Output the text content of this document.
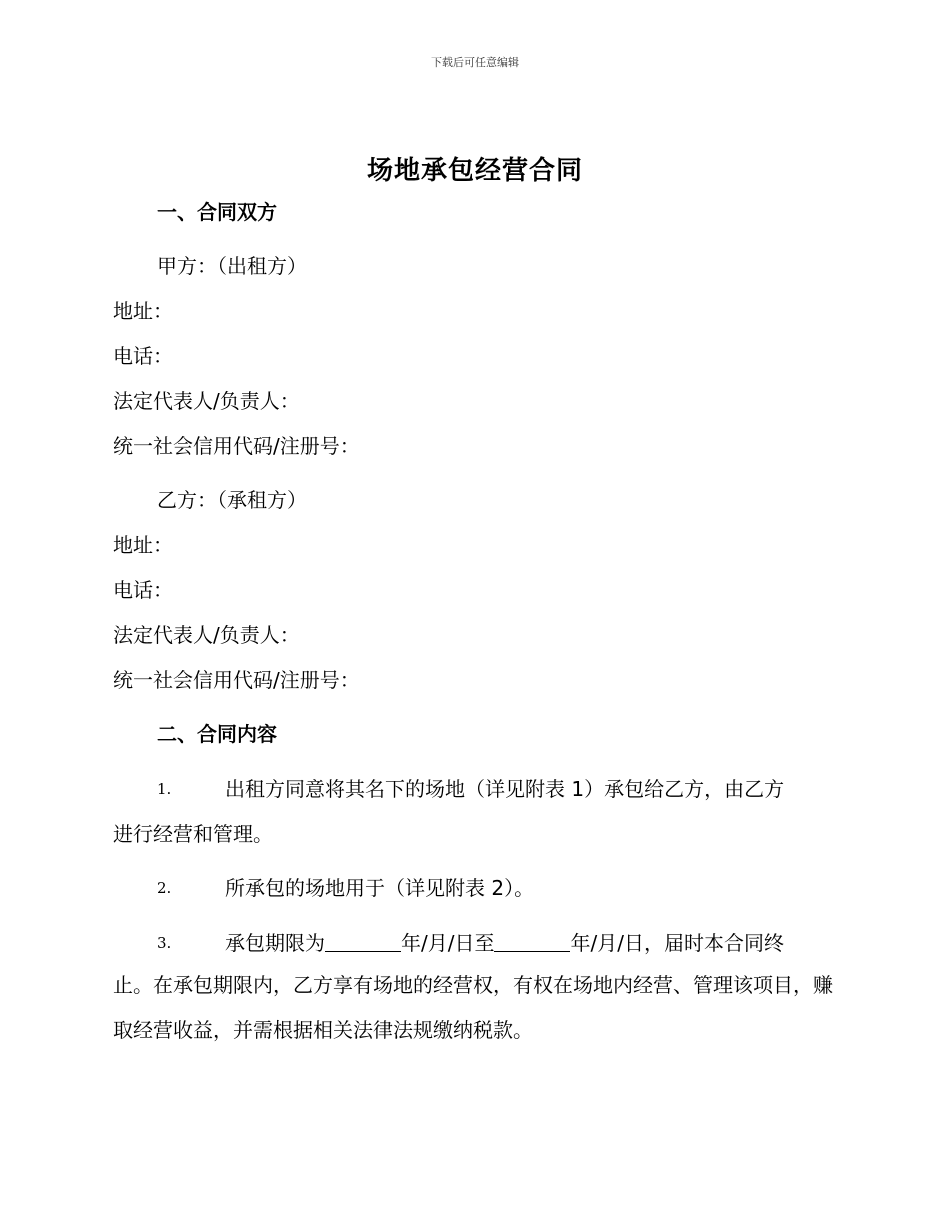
下载后可任意编辑
场地承包经营合同
一、合同双方
甲方：（出租方）
地址：
电话：
法定代表人/负责人：
统一社会信用代码/注册号：
乙方：（承租方）
地址：
电话：
法定代表人/负责人：
统一社会信用代码/注册号：
二、合同内容
1.	出租方同意将其名下的场地（详见附表 1）承包给乙方，由乙方
进行经营和管理。
2.	所承包的场地用于（详见附表 2）。
3.	承包期限为	年/月/日至	年/月/日，届时本合同终
止。在承包期限内，乙方享有场地的经营权，有权在场地内经营、管理该项目，赚取经营收益，并需根据相关法律法规缴纳税款。
